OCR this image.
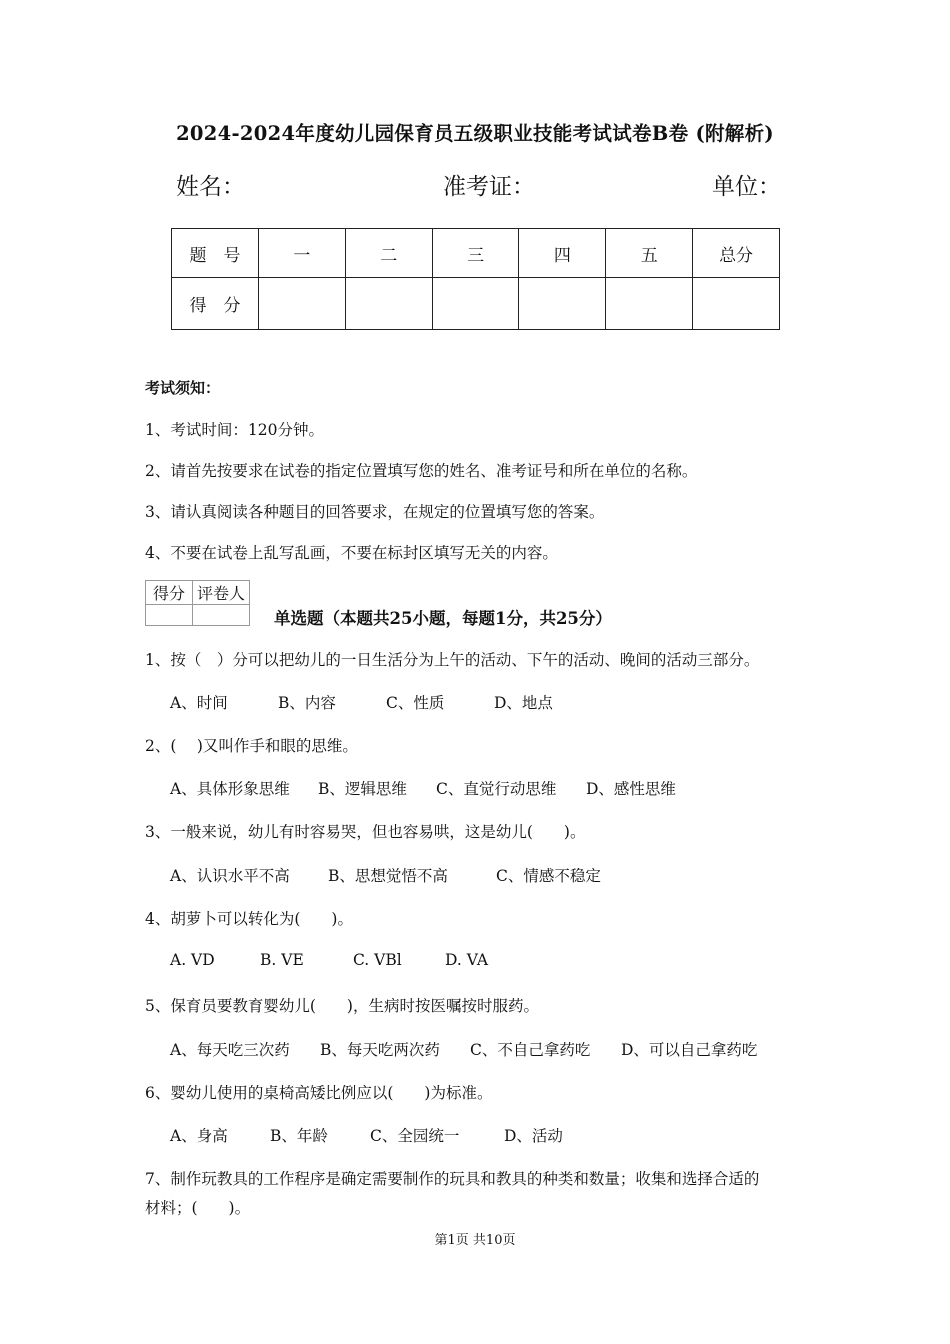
2024-2024年度幼儿园保育员五级职业技能考试试卷B卷 (附解析)
姓名：	准考证：	单位：
题　号	一	二	三	四	五	总分
得　分						
考试须知：
1、考试时间：120分钟。
2、请首先按要求在试卷的指定位置填写您的姓名、准考证号和所在单位的名称。
3、请认真阅读各种题目的回答要求，在规定的位置填写您的答案。
4、不要在试卷上乱写乱画，不要在标封区填写无关的内容。
得分	评卷人

单选题（本题共25小题，每题1分，共25分）
1、按（　）分可以把幼儿的一日生活分为上午的活动、下午的活动、晚间的活动三部分。
A、时间	B、内容	C、性质	D、地点
2、(　 )又叫作手和眼的思维。
A、具体形象思维 B、逻辑思维 C、直觉行动思维 D、感性思维
3、一般来说，幼儿有时容易哭，但也容易哄，这是幼儿(　　)。
A、认识水平不高 B、思想觉悟不高	C、情感不稳定
4、胡萝卜可以转化为(　　)。
A. VD	B. VE	C. VBl	D. VA
5、保育员要教育婴幼儿(　　)，生病时按医嘱按时服药。
A、每天吃三次药 B、每天吃两次药 C、不自己拿药吃 D、可以自己拿药吃
6、婴幼儿使用的桌椅高矮比例应以(　　)为标准。
A、身高	B、年龄	C、全园统一	D、活动
7、制作玩教具的工作程序是确定需要制作的玩具和教具的种类和数量；收集和选择合适的
材料；(　　)。
第1页 共10页
